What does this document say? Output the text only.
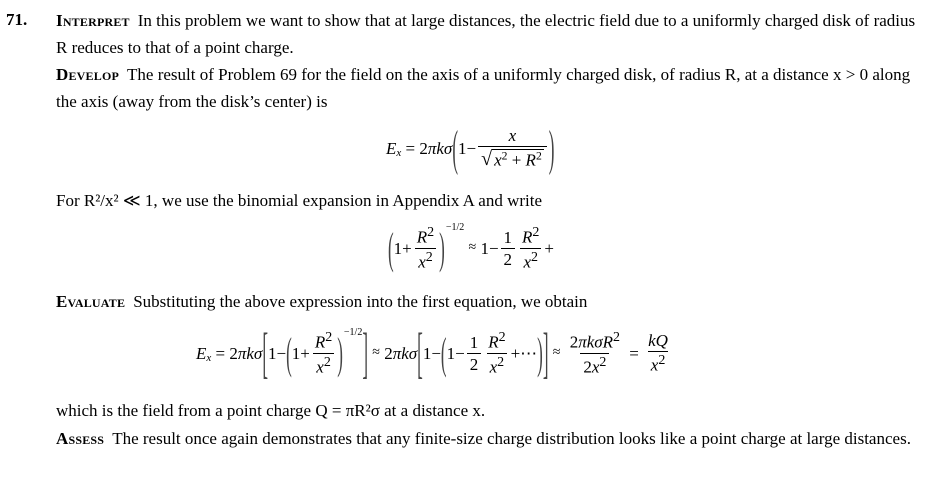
71. Interpret In this problem we want to show that at large distances, the electric field due to a uniformly charged disk of radius R reduces to that of a point charge.
Develop The result of Problem 69 for the field on the axis of a uniformly charged disk, of radius R, at a distance x > 0 along the axis (away from the disk’s center) is
E x = 2 πkσ ( $1- \frac{x}{√ x^2 + R^2}$ )
For R²/x² ≪ 1, we use the binomial expansion in Appendix A and write
( $1+ \frac{R^2}{x^2}$ ) −1/2

≈ $1- \frac{1}{2} \frac{R^2}{x^2}$ +
Evaluate Substituting the above expression into the first equation, we obtain
E x = 2 πkσ [ 1− ( $1+ \frac{R^2}{x^2}$ ) −1/2 ]
≈ 2 πkσ [ 1− ( $1- \frac{1}{2} \frac{R^2}{x^2}$ +⋯ ) ]
≈
$\frac{2\pi k\sigma R^2}{2x^2} = \frac{kQ}{x^2}$
which is the field from a point charge Q = πR²σ at a distance x.
Assess The result once again demonstrates that any finite-size charge distribution looks like a point charge at large distances.
